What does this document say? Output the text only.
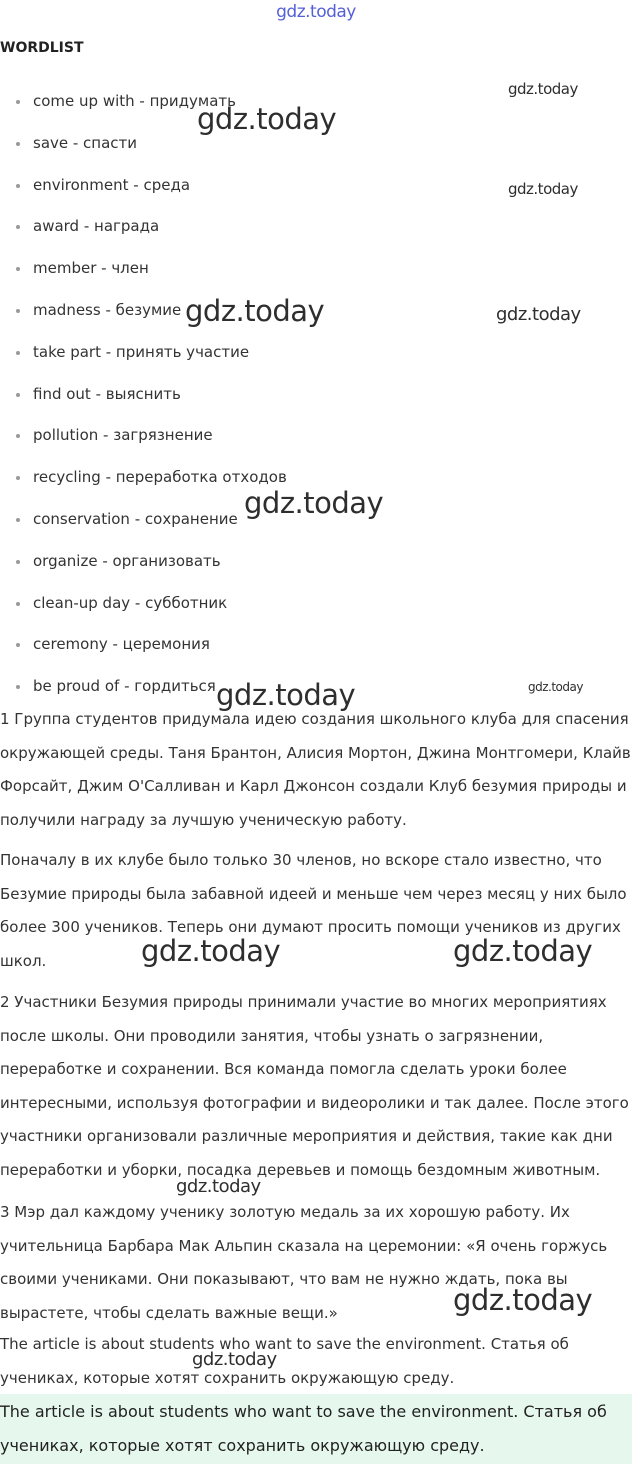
gdz.today
WORDLIST
come up with - придумать
save - спасти
environment - среда
award - награда
member - член
madness - безумие
take part - принять участие
find out - выяснить
pollution - загрязнение
recycling - переработка отходов
conservation - сохранение
organize - организовать
clean-up day - субботник
ceremony - церемония
be proud of - гордиться

1 Группа студентов придумала идею создания школьного клуба для спасения окружающей среды. Таня Брантон, Алисия Мортон, Джина Монтгомери, Клайв Форсайт, Джим О'Салливан и Карл Джонсон создали Клуб безумия природы и получили награду за лучшую ученическую работу.

Поначалу в их клубе было только 30 членов, но вскоре стало известно, что Безумие природы была забавной идеей и меньше чем через месяц у них было более 300 учеников. Теперь они думают просить помощи учеников из других школ.

2 Участники Безумия природы принимали участие во многих мероприятиях после школы. Они проводили занятия, чтобы узнать о загрязнении, переработке и сохранении. Вся команда помогла сделать уроки более интересными, используя фотографии и видеоролики и так далее. После этого участники организовали различные мероприятия и действия, такие как дни переработки и уборки, посадка деревьев и помощь бездомным животным.

3 Мэр дал каждому ученику золотую медаль за их хорошую работу. Их учительница Барбара Мак Альпин сказала на церемонии: «Я очень горжусь своими учениками. Они показывают, что вам не нужно ждать, пока вы вырастете, чтобы сделать важные вещи.»

The article is about students who want to save the environment. Статья об учениках, которые хотят сохранить окружающую среду.

The article is about students who want to save the environment. Статья об учениках, которые хотят сохранить окружающую среду.

gdz.today
gdz.today
gdz.today
gdz.today	gdz.today
gdz.today
gdz.today	gdz.today
gdz.today	gdz.today
gdz.today
gdz.today
gdz.today
